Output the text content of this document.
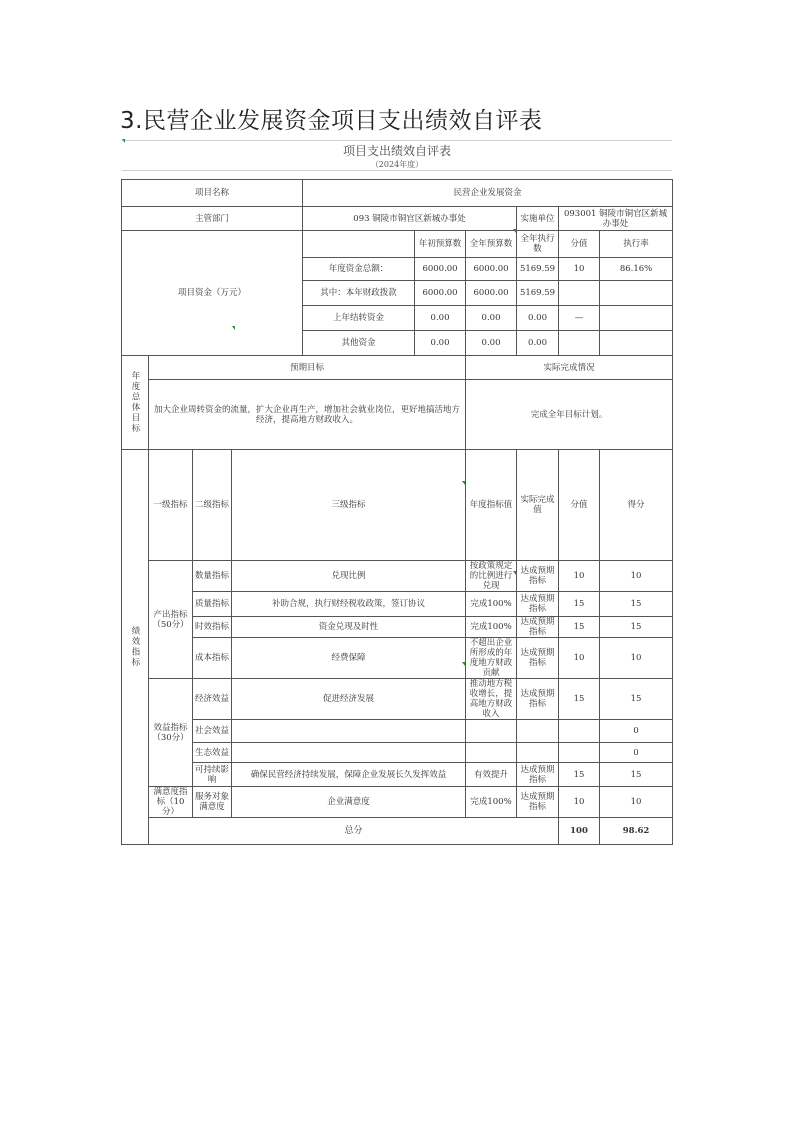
3.民营企业发展资金项目支出绩效自评表
项目支出绩效自评表
（2024年度）
项目名称				民营企业发展资金						
主管部门				093 铜陵市铜官区新城办事处			实施单位	093001 铜陵市铜官区新城办事处		
项目资金（万元）					年初预算数	全年预算数	全年执行数	分值	执行率	
				年度资金总额：	6000.00	6000.00	5169.59	10	86.16%	
				其中：本年财政拨款	6000.00	6000.00	5169.59			
				上年结转资金	0.00	0.00	0.00	—		
				其他资金	0.00	0.00	0.00			
年度总体目标	预期目标					实际完成情况				
	加大企业周转资金的流量，扩大企业再生产，增加社会就业岗位，更好地搞活地方经济，提高地方财政收入。					完成全年目标计划。				
绩效指标	一级指标	二级指标	三级指标			年度指标值	实际完成值	分值	得分	
	产出指标（50分）	数量指标	兑现比例			按政策规定的比例进行兑现	达成预期指标	10	10	
		质量指标	补助合规，执行财经税收政策，签订协议			完成100%	达成预期指标	15	15	
		时效指标	资金兑现及时性			完成100%	达成预期指标	15	15	
		成本指标	经费保障			不超出企业所形成的年度地方财政贡献	达成预期指标	10	10	
	效益指标（30分）	经济效益	促进经济发展			推动地方税收增长，提高地方财政收入	达成预期指标	15	15	
		社会效益							0	
		生态效益							0	
		可持续影响	确保民营经济持续发展，保障企业发展长久发挥效益			有效提升	达成预期指标	15	15	
	满意度指标（10分）	服务对象满意度	企业满意度			完成100%	达成预期指标	10	10	
	总分							100	98.62	
